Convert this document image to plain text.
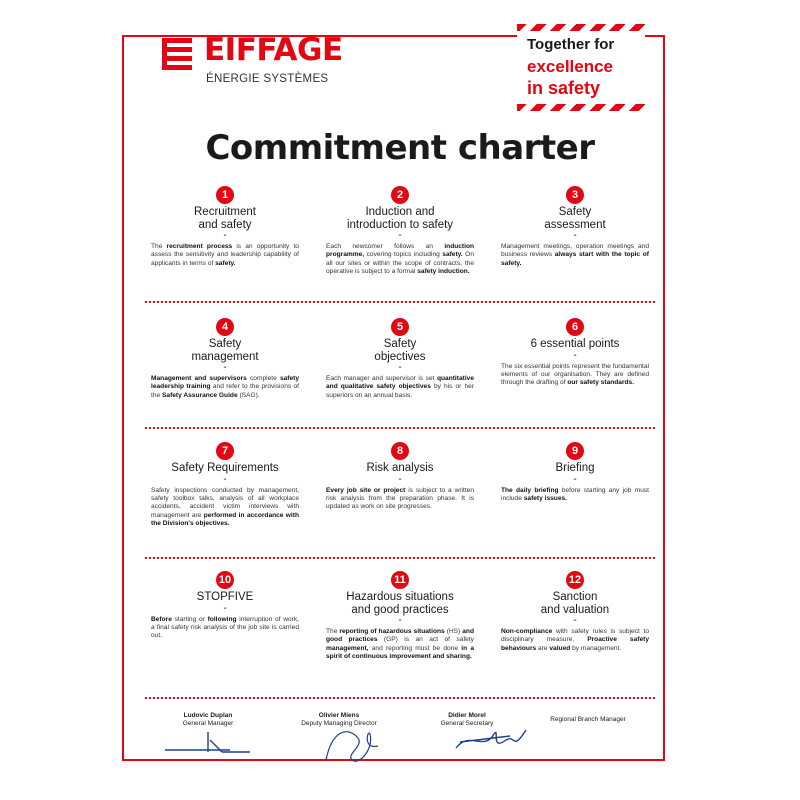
EIFFAGE
ÉNERGIE SYSTÈMES
Together for
excellence
in safety
Commitment charter
1
Recruitment
and safety
-
The recruitment process is an opportunity to assess the sensitivity and leadership capability of applicants in terms of safety.
2
Induction and
introduction to safety
-
Each newcomer follows an induction programme, covering topics including safety. On all our sites or within the scope of contracts, the operative is subject to a formal safety induction.
3
Safety
assessment
-
Management meetings, operation meetings and business reviews always start with the topic of safety.
4
Safety
management
-
Management and supervisors complete safety leadership training and refer to the provisions of the Safety Assurance Guide (SAG).
5
Safety
objectives
-
Each manager and supervisor is set quantitative and qualitative safety objectives by his or her superiors on an annual basis.
6
6 essential points
-
The six essential points represent the fundamental elements of our organisation. They are defined through the drafting of our safety standards.
7
Safety Requirements
-
Safety inspections conducted by management, safety toolbox talks, analysis of all workplace accidents, accident victim interviews with management are performed in accordance with the Division's objectives.
8
Risk analysis
-
Every job site or project is subject to a written risk analysis from the preparation phase. It is updated as work on site progresses.
9
Briefing
-
The daily briefing before starting any job must include safety issues.
10
STOPFIVE
-
Before starting or following interruption of work, a final safety risk analysis of the job site is carried out.
11
Hazardous situations
and good practices
-
The reporting of hazardous situations (HS) and good practices (GP) is an act of safety management, and reporting must be done in a spirit of continuous improvement and sharing.
12
Sanction
and valuation
-
Non-compliance with safety rules is subject to disciplinary measure. Proactive safety behaviours are valued by management.
Ludovic Duplan
General Manager
Olivier Miens
Deputy Managing Director
Didier Morel
General Secretary
Regional Branch Manager
